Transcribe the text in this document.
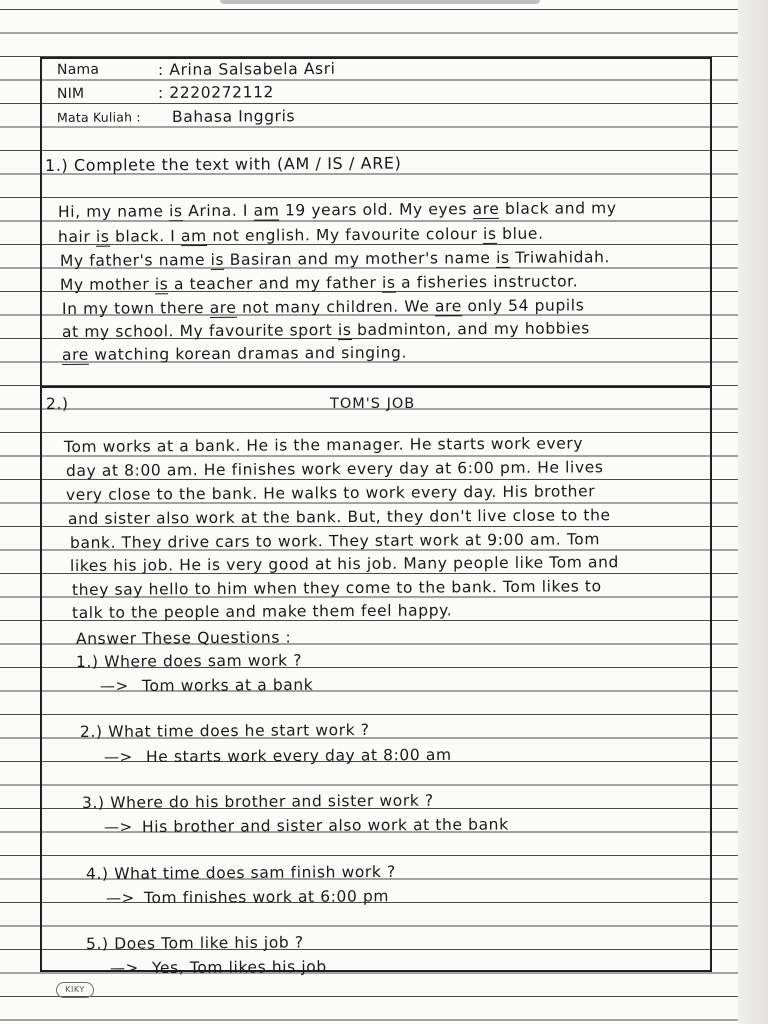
Nama	: Arina Salsabela Asri
NIM	: 2220272112
Mata Kuliah : Bahasa Inggris
1.) Complete the text with (AM / IS / ARE)
Hi, my name is Arina. I am 19 years old. My eyes are black and my
hair is black. I am not english. My favourite colour is blue.
My father's name is Basiran and my mother's name is Triwahidah.
My mother is a teacher and my father is a fisheries instructor.
In my town there are not many children. We are only 54 pupils
at my school. My favourite sport is badminton, and my hobbies
are watching korean dramas and singing.
2.)	TOM'S JOB
Tom works at a bank. He is the manager. He starts work every
day at 8:00 am. He finishes work every day at 6:00 pm. He lives
very close to the bank. He walks to work every day. His brother
and sister also work at the bank. But, they don't live close to the
bank. They drive cars to work. They start work at 9:00 am. Tom
likes his job. He is very good at his job. Many people like Tom and
they say hello to him when they come to the bank. Tom likes to
talk to the people and make them feel happy.
Answer These Questions :
1.) Where does sam work ?
—> Tom works at a bank
2.) What time does he start work ?
—> He starts work every day at 8:00 am
3.) Where do his brother and sister work ?
—> His brother and sister also work at the bank
4.) What time does sam finish work ?
—> Tom finishes work at 6:00 pm
5.) Does Tom like his job ?
—> Yes, Tom likes his job
KIKY
